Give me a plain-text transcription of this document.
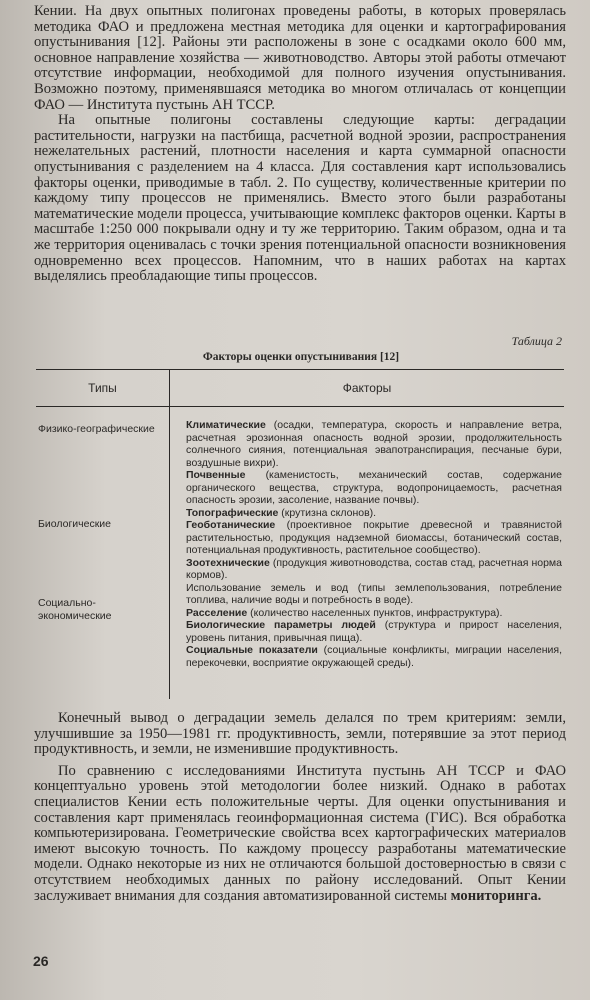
Кении. На двух опытных полигонах проведены работы, в которых проверялась методика ФАО и предложена местная методика для оценки и картографирования опустынивания [12]. Районы эти расположены в зоне с осадками около 600 мм, основное направление хозяйства — животноводство. Авторы этой работы отмечают отсутствие информации, необходимой для полного изучения опустынивания. Возможно поэтому, применявшаяся методика во многом отличалась от концепции ФАО — Института пустынь АН ТССР.

На опытные полигоны составлены следующие карты: деградации растительности, нагрузки на пастбища, расчетной водной эрозии, распространения нежелательных растений, плотности населения и карта суммарной опасности опустынивания с разделением на 4 класса. Для составления карт использовались факторы оценки, приводимые в табл. 2. По существу, количественные критерии по каждому типу процессов не применялись. Вместо этого были разработаны математические модели процесса, учитывающие комплекс факторов оценки. Карты в масштабе 1:250 000 покрывали одну и ту же территорию. Таким образом, одна и та же территория оценивалась с точки зрения потенциальной опасности возникновения одновременно всех процессов. Напомним, что в наших работах на картах выделялись преобладающие типы процессов.

Таблица 2
Факторы оценки опустынивания [12]
Типы	Факторы
Физико-географические
Биологические
Социально-экономические

Климатические (осадки, температура, скорость и направление ветра, расчетная эрозионная опасность водной эрозии, продолжительность солнечного сияния, потенциальная эвапотранспирация, песчаные бури, воздушные вихри).

Почвенные (каменистость, механический состав, содержание органического вещества, структура, водопроницаемость, расчетная опасность эрозии, засоление, название почвы).

Топографические (крутизна склонов).

Геоботанические (проективное покрытие древесной и травянистой растительностью, продукция надземной биомассы, ботанический состав, потенциальная продуктивность, растительное сообщество).

Зоотехнические (продукция животноводства, состав стад, расчетная норма кормов).

Использование земель и вод (типы землепользования, потребление топлива, наличие воды и потребность в воде).

Расселение (количество населенных пунктов, инфраструктура).

Биологические параметры людей (структура и прирост населения, уровень питания, привычная пища).

Социальные показатели (социальные конфликты, миграции населения, перекочевки, восприятие окружающей среды).

Конечный вывод о деградации земель делался по трем критериям: земли, улучшившие за 1950—1981 гг. продуктивность, земли, потерявшие за этот период продуктивность, и земли, не изменившие продуктивность.

По сравнению с исследованиями Института пустынь АН ТССР и ФАО концептуально уровень этой методологии более низкий. Однако в работах специалистов Кении есть положительные черты. Для оценки опустынивания и составления карт применялась геоинформационная система (ГИС). Вся обработка компьютеризирована. Геометрические свойства всех картографических материалов имеют высокую точность. По каждому процессу разработаны математические модели. Однако некоторые из них не отличаются большой достоверностью в связи с отсутствием необходимых данных по району исследований. Опыт Кении заслуживает внимания для создания автоматизированной системы мониторинга.

26
